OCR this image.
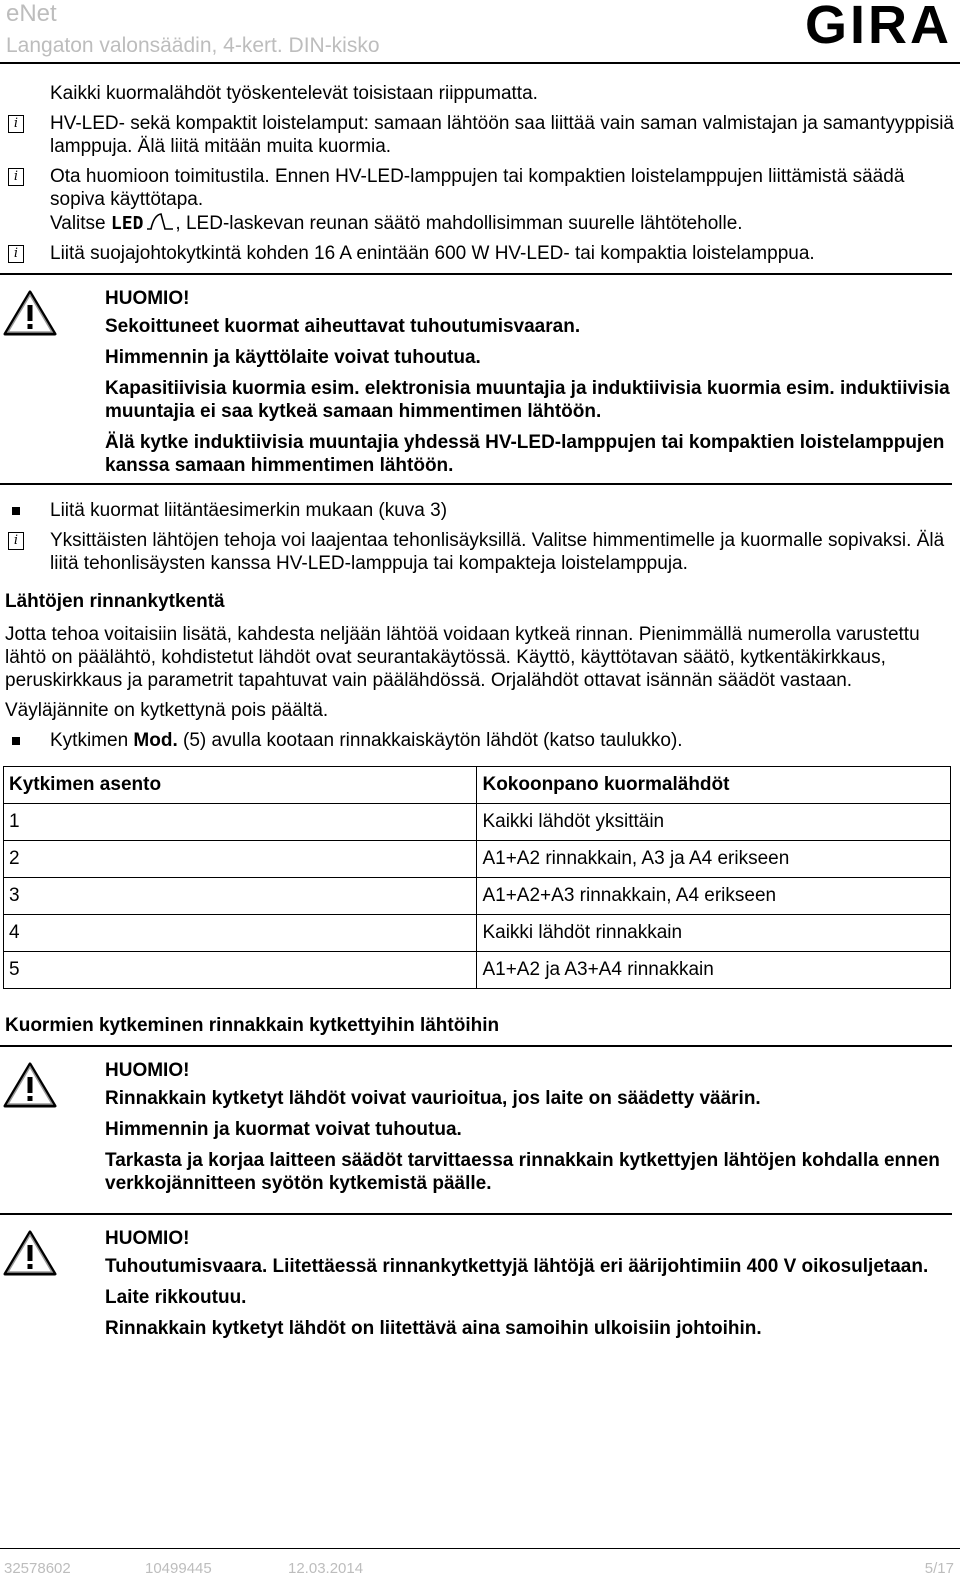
eNet
Langaton valonsäädin, 4-kert. DIN-kisko	GIRA
Kaikki kuormalähdöt työskentelevät toisistaan riippumatta.
i	HV-LED- sekä kompaktit loistelamput: samaan lähtöön saa liittää vain saman valmistajan ja samantyyppisiä lamppuja. Älä liitä mitään muita kuormia.
i	Ota huomioon toimitustila. Ennen HV-LED-lamppujen tai kompaktien loistelamppujen liittämistä säädä sopiva käyttötapa.
Valitse LED , LED-laskevan reunan säätö mahdollisimman suurelle lähtöteholle.
i	Liitä suojajohtokytkintä kohden 16 A enintään 600 W HV-LED- tai kompaktia loistelamppua.
HUOMIO!
Sekoittuneet kuormat aiheuttavat tuhoutumisvaaran.
Himmennin ja käyttölaite voivat tuhoutua.
Kapasitiivisia kuormia esim. elektronisia muuntajia ja induktiivisia kuormia esim. induktiivisia muuntajia ei saa kytkeä samaan himmentimen lähtöön.
Älä kytke induktiivisia muuntajia yhdessä HV-LED-lamppujen tai kompaktien loistelamppujen kanssa samaan himmentimen lähtöön.
Liitä kuormat liitäntäesimerkin mukaan (kuva 3)
i	Yksittäisten lähtöjen tehoja voi laajentaa tehonlisäyksillä. Valitse himmentimelle ja kuormalle sopivaksi. Älä liitä tehonlisäysten kanssa HV-LED-lamppuja tai kompakteja loistelamppuja.
Lähtöjen rinnankytkentä
Jotta tehoa voitaisiin lisätä, kahdesta neljään lähtöä voidaan kytkeä rinnan. Pienimmällä numerolla varustettu lähtö on päälähtö, kohdistetut lähdöt ovat seurantakäytössä. Käyttö, käyttötavan säätö, kytkentäkirkkaus, peruskirkkaus ja parametrit tapahtuvat vain päälähdössä. Orjalähdöt ottavat isännän säädöt vastaan.
Väyläjännite on kytkettynä pois päältä.
Kytkimen Mod. (5) avulla kootaan rinnakkaiskäytön lähdöt (katso taulukko).
Kytkimen asento	Kokoonpano kuormalähdöt
1	Kaikki lähdöt yksittäin
2	A1+A2 rinnakkain, A3 ja A4 erikseen
3	A1+A2+A3 rinnakkain, A4 erikseen
4	Kaikki lähdöt rinnakkain
5	A1+A2 ja A3+A4 rinnakkain
Kuormien kytkeminen rinnakkain kytkettyihin lähtöihin
HUOMIO!
Rinnakkain kytketyt lähdöt voivat vaurioitua, jos laite on säädetty väärin.
Himmennin ja kuormat voivat tuhoutua.
Tarkasta ja korjaa laitteen säädöt tarvittaessa rinnakkain kytkettyjen lähtöjen kohdalla ennen verkkojännitteen syötön kytkemistä päälle.
HUOMIO!
Tuhoutumisvaara. Liitettäessä rinnankytkettyjä lähtöjä eri äärijohtimiin 400 V oikosuljetaan.
Laite rikkoutuu.
Rinnakkain kytketyt lähdöt on liitettävä aina samoihin ulkoisiin johtoihin.
32578602	10499445	12.03.2014	5/17
